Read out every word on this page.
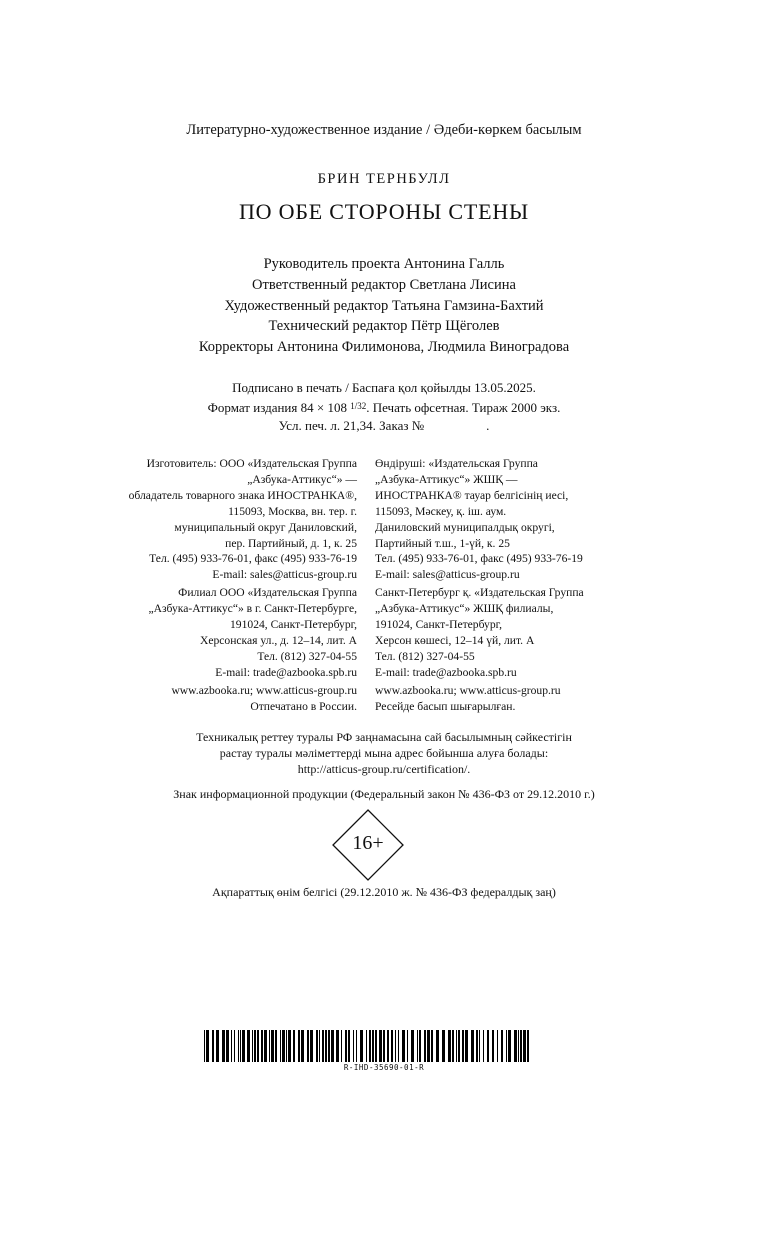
Литературно-художественное издание / Әдеби-көркем басылым
БРИН ТЕРНБУЛЛ
ПО ОБЕ СТОРОНЫ СТЕНЫ
Руководитель проекта Антонина Галль
Ответственный редактор Светлана Лисина
Художественный редактор Татьяна Гамзина-Бахтий
Технический редактор Пётр Щёголев
Корректоры Антонина Филимонова, Людмила Виноградова
Подписано в печать / Баспаға қол қойылды 13.05.2025.
Формат издания 84 × 108 $^{1/32}$. Печать офсетная. Тираж 2000 экз.
Усл. печ. л. 21,34. Заказ №	.
Изготовитель: ООО «Издательская Группа
„Азбука-Аттикус“» —
обладатель товарного знака ИНОСТРАНКА®,
115093, Москва, вн. тер. г.
муниципальный округ Даниловский,
пер. Партийный, д. 1, к. 25
Тел. (495) 933-76-01, факс (495) 933-76-19
E-mail: sales@atticus-group.ru
Өндіруші: «Издательская Группа
„Азбука-Аттикус“» ЖШҚ —
ИНОСТРАНКА® тауар белгісінің иесі,
115093, Мәскеу, қ. іш. аум.
Даниловский муниципалдық округі,
Партийный т.ш., 1-үй, к. 25
Тел. (495) 933-76-01, факс (495) 933-76-19
E-mail: sales@atticus-group.ru
Филиал ООО «Издательская Группа
„Азбука-Аттикус“» в г. Санкт-Петербурге,
191024, Санкт-Петербург,
Херсонская ул., д. 12–14, лит. А
Тел. (812) 327-04-55
E-mail: trade@azbooka.spb.ru
Санкт-Петербург қ. «Издательская Группа
„Азбука-Аттикус“» ЖШҚ филиалы,
191024, Санкт-Петербург,
Херсон көшесі, 12–14 үй, лит. А
Тел. (812) 327-04-55
E-mail: trade@azbooka.spb.ru
www.azbooka.ru; www.atticus-group.ru
Отпечатано в России.
www.azbooka.ru; www.atticus-group.ru
Ресейде басып шығарылған.
Техникалық реттеу туралы РФ заңнамасына сай басылымның сәйкестігін
растау туралы мәліметтерді мына адрес бойынша алуға болады:
http://atticus-group.ru/certification/.
Знак информационной продукции (Федеральный закон № 436-ФЗ от 29.12.2010 г.)
16+
Ақпараттық өнім белгісі (29.12.2010 ж. № 436-ФЗ федералдық заң)
R-IHD-35690-01-R
